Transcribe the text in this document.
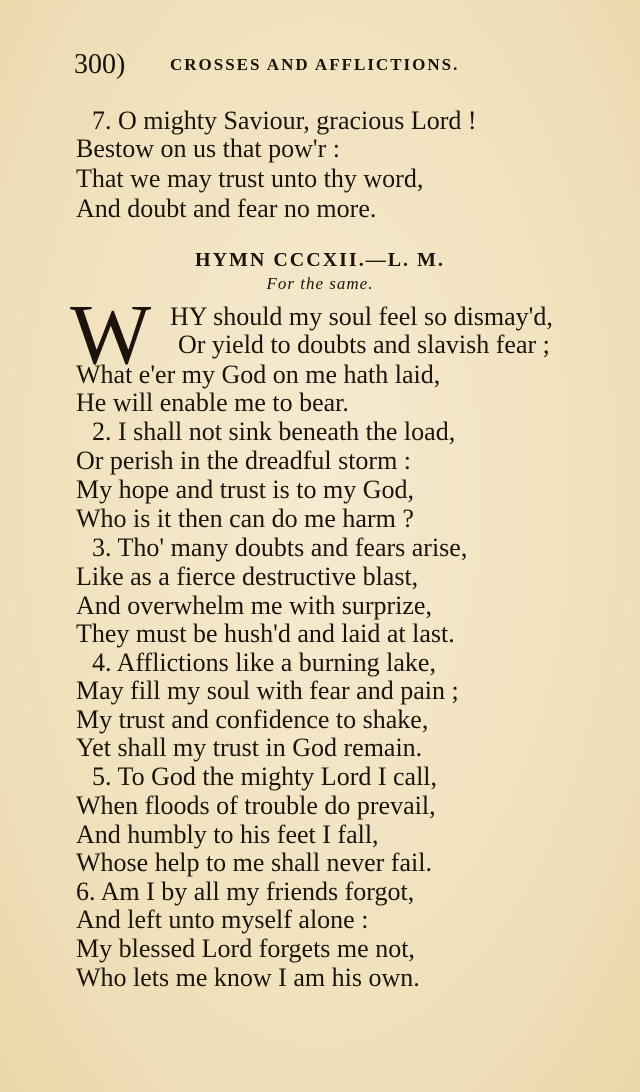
300)	CROSSES AND AFFLICTIONS.
7. O mighty Saviour, gracious Lord !
Bestow on us that pow'r :
That we may trust unto thy word,
And doubt and fear no more.
HYMN CCCXII.—L. M.
For the same.
W HY should my soul feel so dismay'd,
Or yield to doubts and slavish fear ;
What e'er my God on me hath laid,
He will enable me to bear.
2. I shall not sink beneath the load,
Or perish in the dreadful storm :
My hope and trust is to my God,
Who is it then can do me harm ?
3. Tho' many doubts and fears arise,
Like as a fierce destructive blast,
And overwhelm me with surprize,
They must be hush'd and laid at last.
4. Afflictions like a burning lake,
May fill my soul with fear and pain ;
My trust and confidence to shake,
Yet shall my trust in God remain.
5. To God the mighty Lord I call,
When floods of trouble do prevail,
And humbly to his feet I fall,
Whose help to me shall never fail.
6. Am I by all my friends forgot,
And left unto myself alone :
My blessed Lord forgets me not,
Who lets me know I am his own.
